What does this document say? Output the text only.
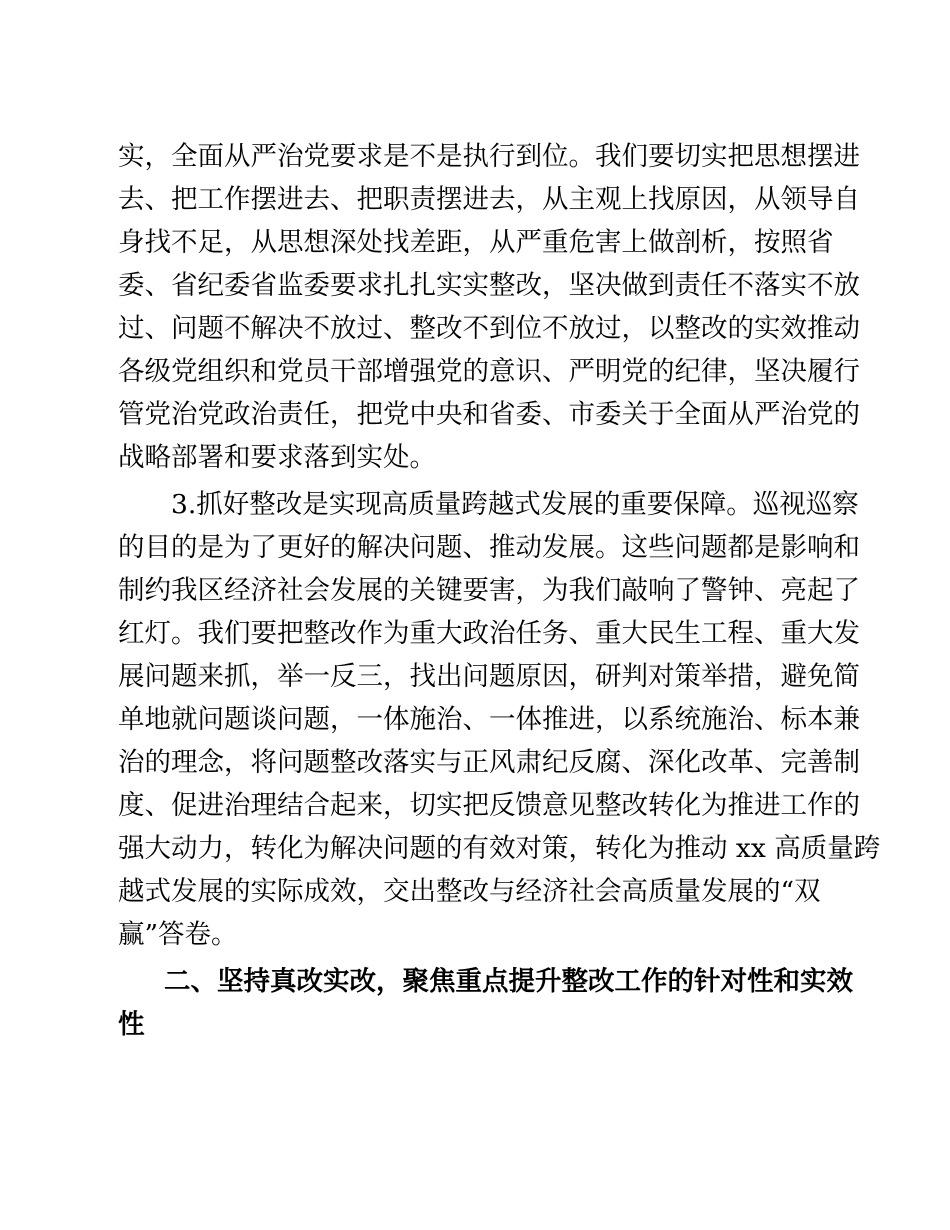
实，全面从严治党要求是不是执行到位。我们要切实把思想摆进
去、把工作摆进去、把职责摆进去，从主观上找原因，从领导自
身找不足，从思想深处找差距，从严重危害上做剖析，按照省
委、省纪委省监委要求扎扎实实整改，坚决做到责任不落实不放
过、问题不解决不放过、整改不到位不放过，以整改的实效推动
各级党组织和党员干部增强党的意识、严明党的纪律，坚决履行
管党治党政治责任，把党中央和省委、市委关于全面从严治党的
战略部署和要求落到实处。
3.抓好整改是实现高质量跨越式发展的重要保障。巡视巡察
的目的是为了更好的解决问题、推动发展。这些问题都是影响和
制约我区经济社会发展的关键要害，为我们敲响了警钟、亮起了
红灯。我们要把整改作为重大政治任务、重大民生工程、重大发
展问题来抓，举一反三，找出问题原因，研判对策举措，避免简
单地就问题谈问题，一体施治、一体推进，以系统施治、标本兼
治的理念，将问题整改落实与正风肃纪反腐、深化改革、完善制
度、促进治理结合起来，切实把反馈意见整改转化为推进工作的
强大动力，转化为解决问题的有效对策，转化为推动 xx 高质量跨
越式发展的实际成效，交出整改与经济社会高质量发展的“双
赢”答卷。
二、坚持真改实改，聚焦重点提升整改工作的针对性和实效
性
